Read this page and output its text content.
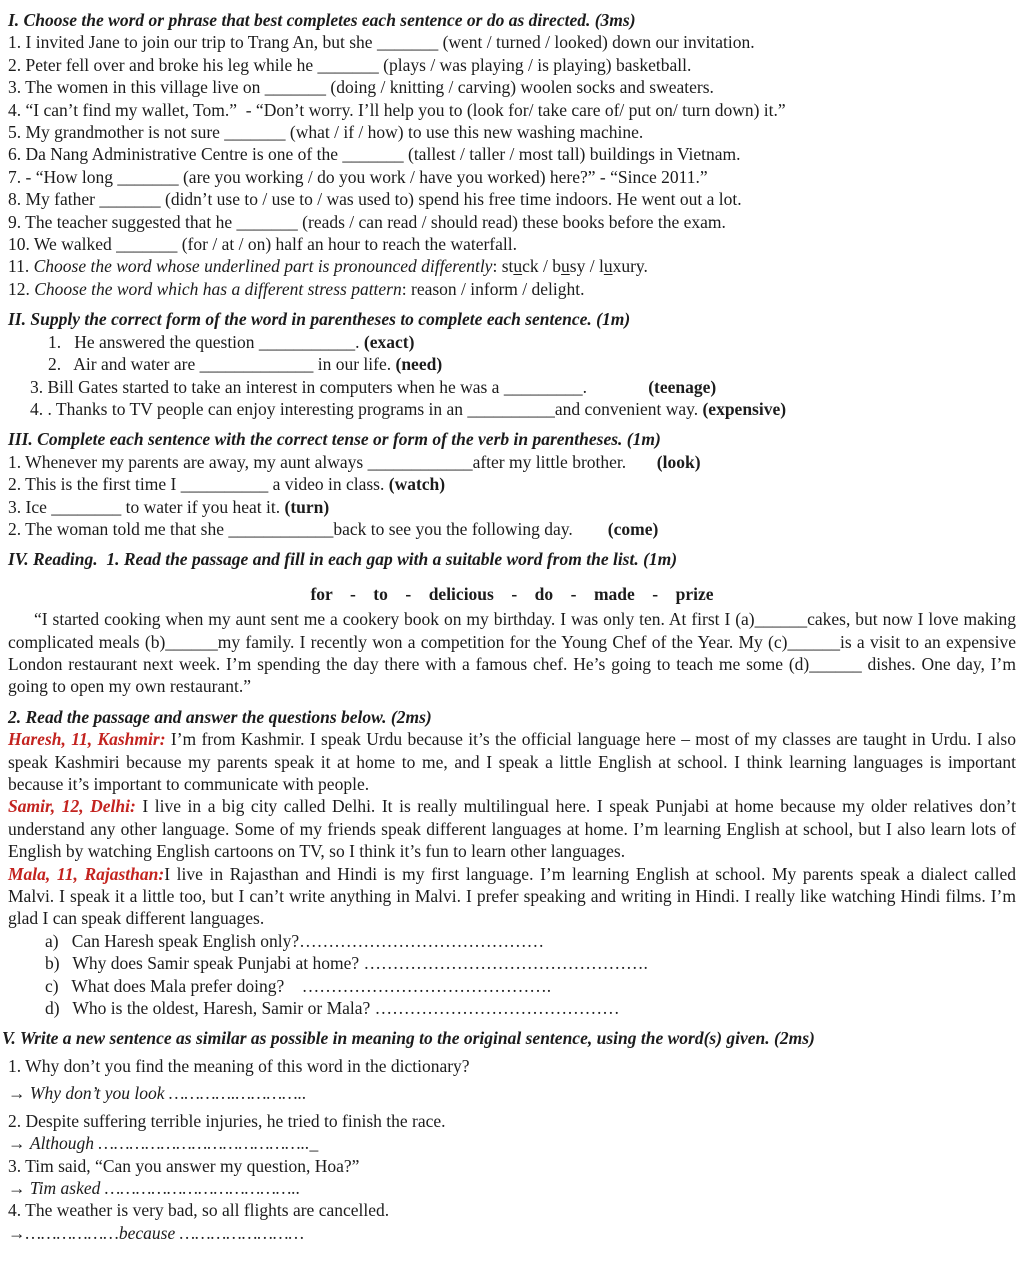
I. Choose the word or phrase that best completes each sentence or do as directed. (3ms)
1. I invited Jane to join our trip to Trang An, but she _______ (went / turned / looked) down our invitation.
2. Peter fell over and broke his leg while he _______ (plays / was playing / is playing) basketball.
3. The women in this village live on _______ (doing / knitting / carving) woolen socks and sweaters.
4. “I can’t find my wallet, Tom.”  - “Don’t worry. I’ll help you to (look for/ take care of/ put on/ turn down) it.”
5. My grandmother is not sure _______ (what / if / how) to use this new washing machine.
6. Da Nang Administrative Centre is one of the _______ (tallest / taller / most tall) buildings in Vietnam.
7. - “How long _______ (are you working / do you work / have you worked) here?” - “Since 2011.”
8. My father _______ (didn’t use to / use to / was used to) spend his free time indoors. He went out a lot.
9. The teacher suggested that he _______ (reads / can read / should read) these books before the exam.
10. We walked _______ (for / at / on) half an hour to reach the waterfall.
11. Choose the word whose underlined part is pronounced differently: stuck / busy / luxury.
12. Choose the word which has a different stress pattern: reason / inform / delight.
II. Supply the correct form of the word in parentheses to complete each sentence. (1m)
1.   He answered the question ___________. (exact)
2.   Air and water are _____________ in our life. (need)
3. Bill Gates started to take an interest in computers when he was a _________.              (teenage)
4. . Thanks to TV people can enjoy interesting programs in an __________and convenient way. (expensive)
III. Complete each sentence with the correct tense or form of the verb in parentheses. (1m)
1. Whenever my parents are away, my aunt always ____________after my little brother.       (look)
2. This is the first time I __________ a video in class. (watch)
3. Ice ________ to water if you heat it. (turn)
2. The woman told me that she ____________back to see you the following day.        (come)
IV. Reading.  1. Read the passage and fill in each gap with a suitable word from the list. (1m)
for    -    to    -    delicious    -    do    -    made    -    prize
“I started cooking when my aunt sent me a cookery book on my birthday. I was only ten. At first I (a)______cakes, but now I love making complicated meals (b)______my family. I recently won a competition for the Young Chef of the Year. My (c)______is a visit to an expensive London restaurant next week. I’m spending the day there with a famous chef. He’s going to teach me some (d)______ dishes. One day, I’m going to open my own restaurant.”
2. Read the passage and answer the questions below. (2ms)
Haresh, 11, Kashmir: I’m from Kashmir. I speak Urdu because it’s the official language here – most of my classes are taught in Urdu. I also speak Kashmiri because my parents speak it at home to me, and I speak a little English at school. I think learning languages is important because it’s important to communicate with people.
Samir, 12, Delhi: I live in a big city called Delhi. It is really multilingual here. I speak Punjabi at home because my older relatives don’t understand any other language. Some of my friends speak different languages at home. I’m learning English at school, but I also learn lots of English by watching English cartoons on TV, so I think it’s fun to learn other languages.
Mala, 11, Rajasthan:I live in Rajasthan and Hindi is my first language. I’m learning English at school. My parents speak a dialect called Malvi. I speak it a little too, but I can’t write anything in Malvi. I prefer speaking and writing in Hindi. I really like watching Hindi films. I’m glad I can speak different languages.
a)   Can Haresh speak English only?……………………………………
b)   Why does Samir speak Punjabi at home? ………………………………………….
c)   What does Mala prefer doing?    …………………………………….
d)   Who is the oldest, Haresh, Samir or Mala? ……………………………………
V. Write a new sentence as similar as possible in meaning to the original sentence, using the word(s) given. (2ms)
1. Why don’t you find the meaning of this word in the dictionary?
→ Why don’t you look ………….…………..
2. Despite suffering terrible injuries, he tried to finish the race.
→ Although ………………………………….._
3. Tim said, “Can you answer my question, Hoa?”
→ Tim asked ………………………………..
4. The weather is very bad, so all flights are cancelled.
→………………because ……………………
